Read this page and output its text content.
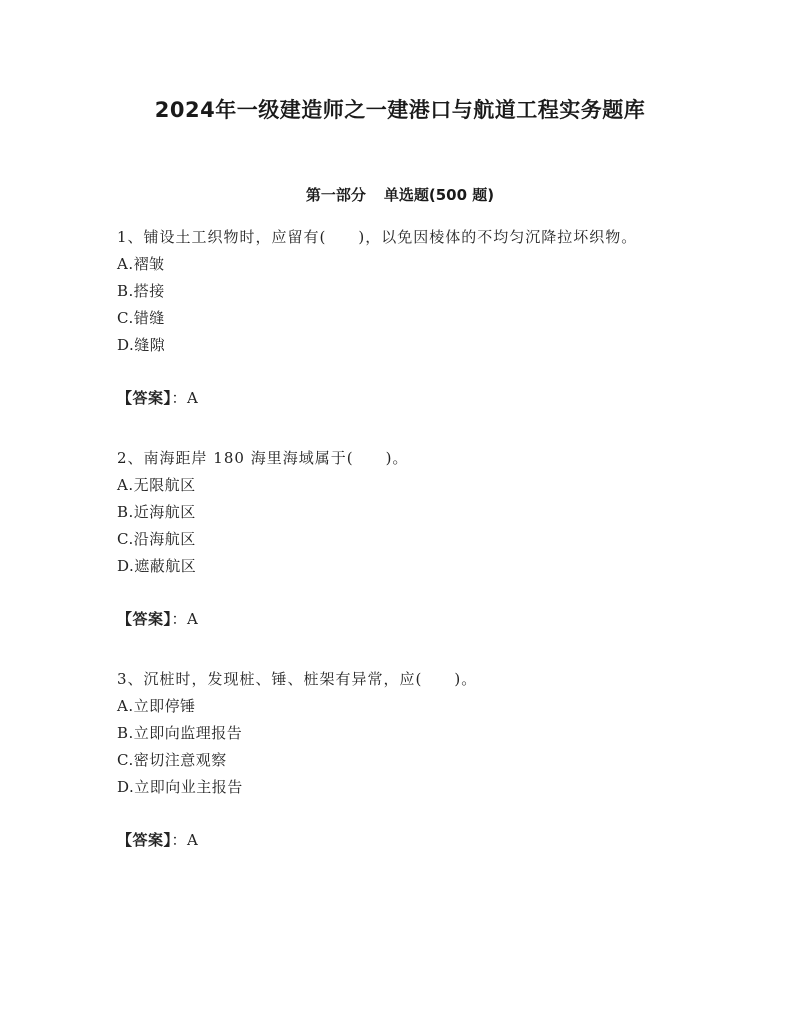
2024年一级建造师之一建港口与航道工程实务题库
第一部分 单选题(500 题)
1、铺设土工织物时，应留有(　　)，以免因棱体的不均匀沉降拉坏织物。
A.褶皱
B.搭接
C.错缝
D.缝隙
【答案】：A
2、南海距岸 180 海里海域属于(　　)。
A.无限航区
B.近海航区
C.沿海航区
D.遮蔽航区
【答案】：A
3、沉桩时，发现桩、锤、桩架有异常，应(　　)。
A.立即停锤
B.立即向监理报告
C.密切注意观察
D.立即向业主报告
【答案】：A
